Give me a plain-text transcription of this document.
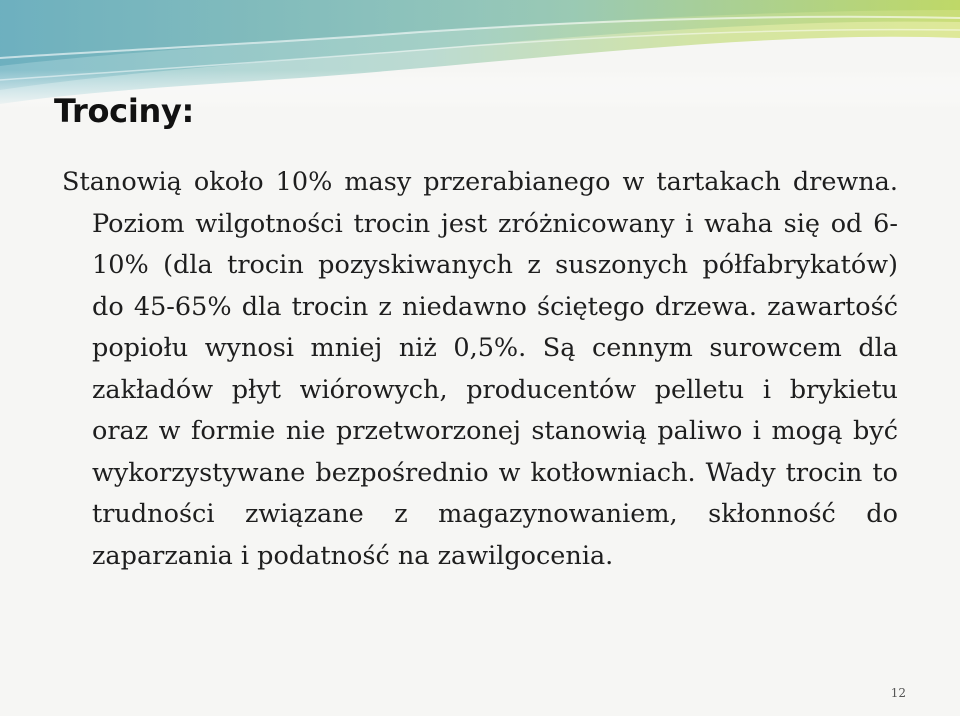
Trociny:

Stanowią około 10% masy przerabianego w tartakach drewna. Poziom wilgotności trocin jest zróżnicowany i waha się od 6-10% (dla trocin pozyskiwanych z suszonych półfabrykatów) do 45-65% dla trocin z niedawno ściętego drzewa. zawartość popiołu wynosi mniej niż 0,5%. Są cennym surowcem dla zakładów płyt wiórowych, producentów pelletu i brykietu oraz w formie nie przetworzonej stanowią paliwo i mogą być wykorzystywane bezpośrednio w kotłowniach. Wady trocin to trudności związane z magazynowaniem, skłonność do zaparzania i podatność na zawilgocenia.

12
